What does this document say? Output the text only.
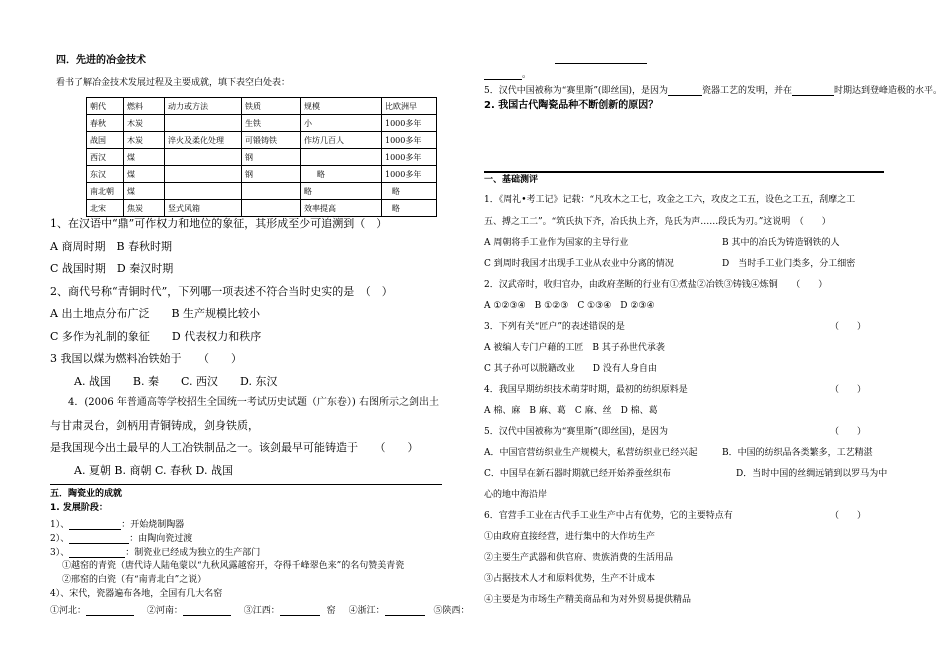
四．先进的冶金技术
看书了解冶金技术发展过程及主要成就，填下表空白处表：
朝代	燃料	动力或方法	铁质	规模	比欧洲早
春秋	木炭		生铁	小	1000多年
战国	木炭	淬火及柔化处理	可锻铸铁	作坊几百人	1000多年
西汉	煤		钢		1000多年
东汉	煤		钢	略	1000多年
南北朝	煤			略	略
北宋	焦炭	竖式风箱		效率提高	略
1、在汉语中“鼎”可作权力和地位的象征，其形成至少可追溯到（　）
A 商周时期　B 春秋时期
C 战国时期　D 秦汉时期
2、商代号称“青铜时代”，下列哪一项表述不符合当时史实的是　（　）
A 出土地点分布广泛　　B 生产规模比较小
C 多作为礼制的象征　　D 代表权力和秩序
3 我国以煤为燃料冶铁始于　　（　　）
A. 战国　　B. 秦　　C. 西汉　　D. 东汉
4．(2006 年普通高等学校招生全国统一考试历史试题（广东卷）) 右图所示之剑出土
与甘肃灵台，剑柄用青铜铸成，剑身铁质，
是我国现今出土最早的人工冶铁制品之一。该剑最早可能铸造于　　（　　）
A. 夏朝 B. 商朝 C. 春秋 D. 战国
五．陶瓷业的成就
1. 发展阶段：
1）、	：开始烧制陶器
2）、	：由陶向瓷过渡
3）、	：制瓷业已经成为独立的生产部门
①越窑的青瓷（唐代诗人陆龟蒙以“九秋风露越窑开，夺得千峰翠色来”的名句赞美青瓷
②邢窑的白瓷（有“南青北白”之说）
4）、宋代，瓷器遍布各地，全国有几大名窑
①河北：	②河南：	③江西：	窑 ④浙江：	⑤陕西：
。
5．汉代中国被称为“赛里斯”(即丝国)，是因为	瓷器工艺的发明，并在	时期达到登峰造极的水平。
2. 我国古代陶瓷品种不断创新的原因？
一、基础测评
1．《周礼•考工记》记载：“凡攻木之工七，攻金之工六，攻皮之工五，设色之工五，刮摩之工
五、搏之工二”。“筑氏执下齐，冶氏执上齐，凫氏为声……段氏为刃。”这说明　（　　）
A 周朝将手工业作为国家的主导行业	B 其中的冶氏为铸造钢铁的人
C 到周时我国才出现手工业从农业中分离的情况	D　当时手工业门类多，分工细密
2．汉武帝时，收归官办，由政府垄断的行业有①煮盐②冶铁③铸钱④炼铜　　（　　）
A ①②③④　B ①②③　C ①③④　D ②③④
3．下列有关“匠户”的表述错误的是	（　　）
A 被编人专门户藉的工匠　B 其子孙世代承袭
C 其子孙可以脱籍改业　　D 没有人身自由
4．我国早期纺织技术萌芽时期，最初的纺织原料是	（　　）
A 棉、麻　B 麻、葛　C 麻、丝　D 棉、葛
5．汉代中国被称为“赛里斯”(即丝国)，是因为	（　　）
A．中国官营纺织业生产规模大，私营纺织业已经兴起	B．中国的纺织品各类繁多，工艺精湛
C．中国早在新石器时期就已经开始养蚕丝织布	D．当时中国的丝绸远销到以罗马为中
心的地中海沿岸
6．官营手工业在古代手工业生产中占有优势，它的主要特点有	（　　）
①由政府直接经营，进行集中的大作坊生产
②主要生产武器和供官府、贵族消费的生活用品
③占据技术人才和原料优势，生产不计成本
④主要是为市场生产精美商品和为对外贸易提供精品
